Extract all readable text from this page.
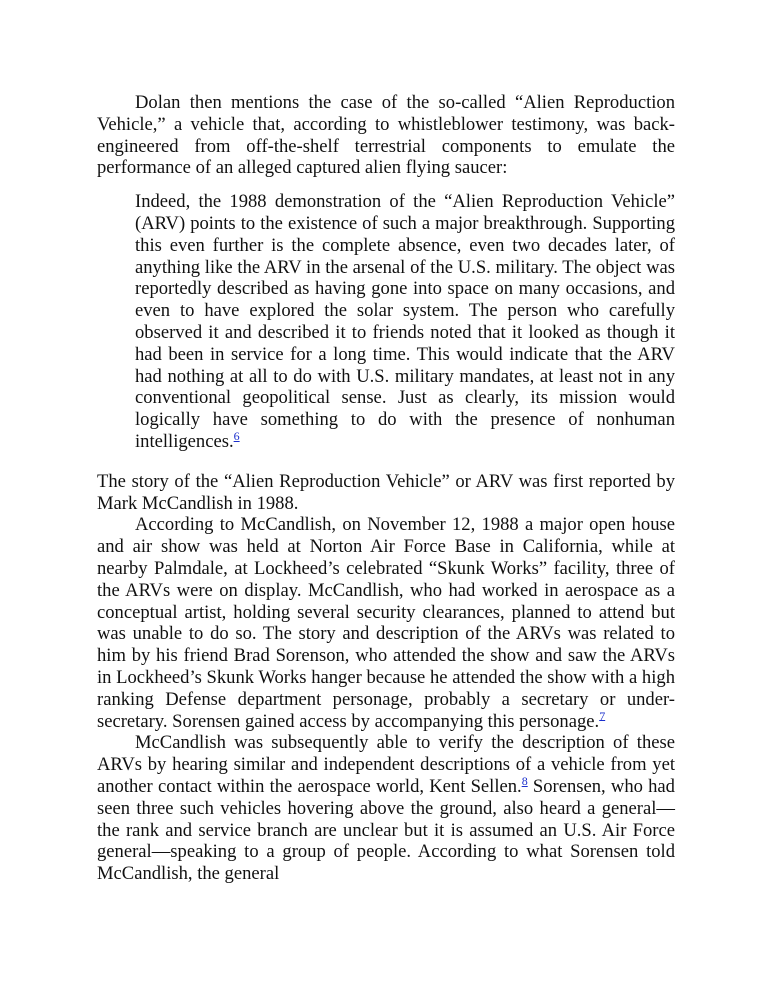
Dolan then mentions the case of the so-called “Alien Reproduction Vehicle,” a vehicle that, according to whistleblower testimony, was back-engineered from off-the-shelf terrestrial components to emulate the performance of an alleged captured alien flying saucer:

Indeed, the 1988 demonstration of the “Alien Reproduction Vehicle” (ARV) points to the existence of such a major breakthrough. Supporting this even further is the complete absence, even two decades later, of anything like the ARV in the arsenal of the U.S. military. The object was reportedly described as having gone into space on many occasions, and even to have explored the solar system. The person who carefully observed it and described it to friends noted that it looked as though it had been in service for a long time. This would indicate that the ARV had nothing at all to do with U.S. military mandates, at least not in any conventional geopolitical sense. Just as clearly, its mission would logically have something to do with the presence of nonhuman intelligences.$^6$

The story of the “Alien Reproduction Vehicle” or ARV was first reported by Mark McCandlish in 1988.

According to McCandlish, on November 12, 1988 a major open house and air show was held at Norton Air Force Base in California, while at nearby Palmdale, at Lockheed’s celebrated “Skunk Works” facility, three of the ARVs were on display. McCandlish, who had worked in aerospace as a conceptual artist, holding several security clearances, planned to attend but was unable to do so. The story and description of the ARVs was related to him by his friend Brad Sorenson, who attended the show and saw the ARVs in Lockheed’s Skunk Works hanger because he attended the show with a high ranking Defense department personage, probably a secretary or under-secretary. Sorensen gained access by accompanying this personage.$^7$

McCandlish was subsequently able to verify the description of these ARVs by hearing similar and independent descriptions of a vehicle from yet another contact within the aerospace world, Kent Sellen.$^8$ Sorensen, who had seen three such vehicles hovering above the ground, also heard a general—the rank and service branch are unclear but it is assumed an U.S. Air Force general—speaking to a group of people. According to what Sorensen told McCandlish, the general
